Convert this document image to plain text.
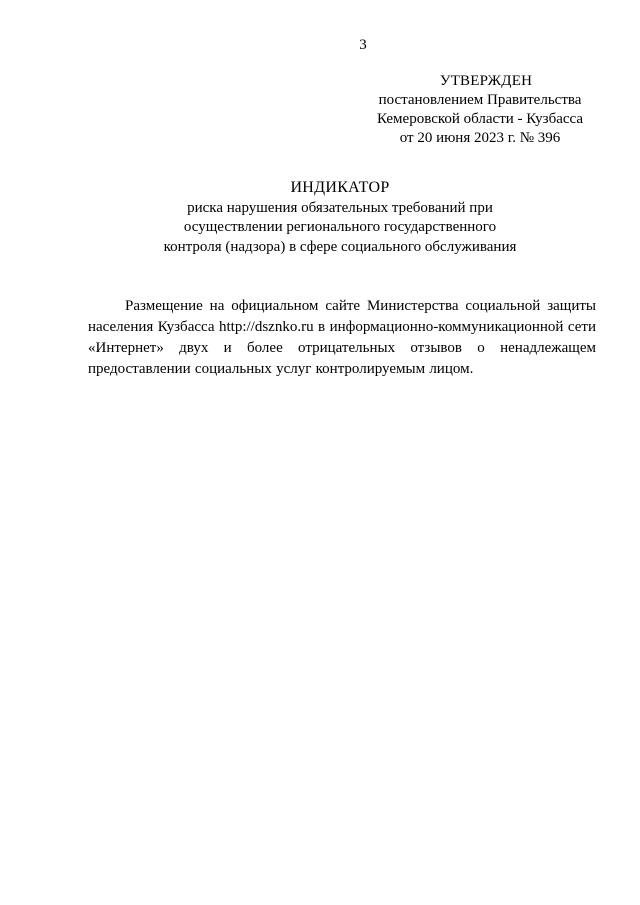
3
УТВЕРЖДЕН
постановлением Правительства
Кемеровской области - Кузбасса
от 20 июня 2023 г. № 396
ИНДИКАТОР
риска нарушения обязательных требований при
осуществлении регионального государственного
контроля (надзора) в сфере социального обслуживания

Размещение на официальном сайте Министерства социальной защиты населения Кузбасса http://dsznko.ru в информационно-коммуникационной сети «Интернет» двух и более отрицательных отзывов о ненадлежащем предоставлении социальных услуг контролируемым лицом.
